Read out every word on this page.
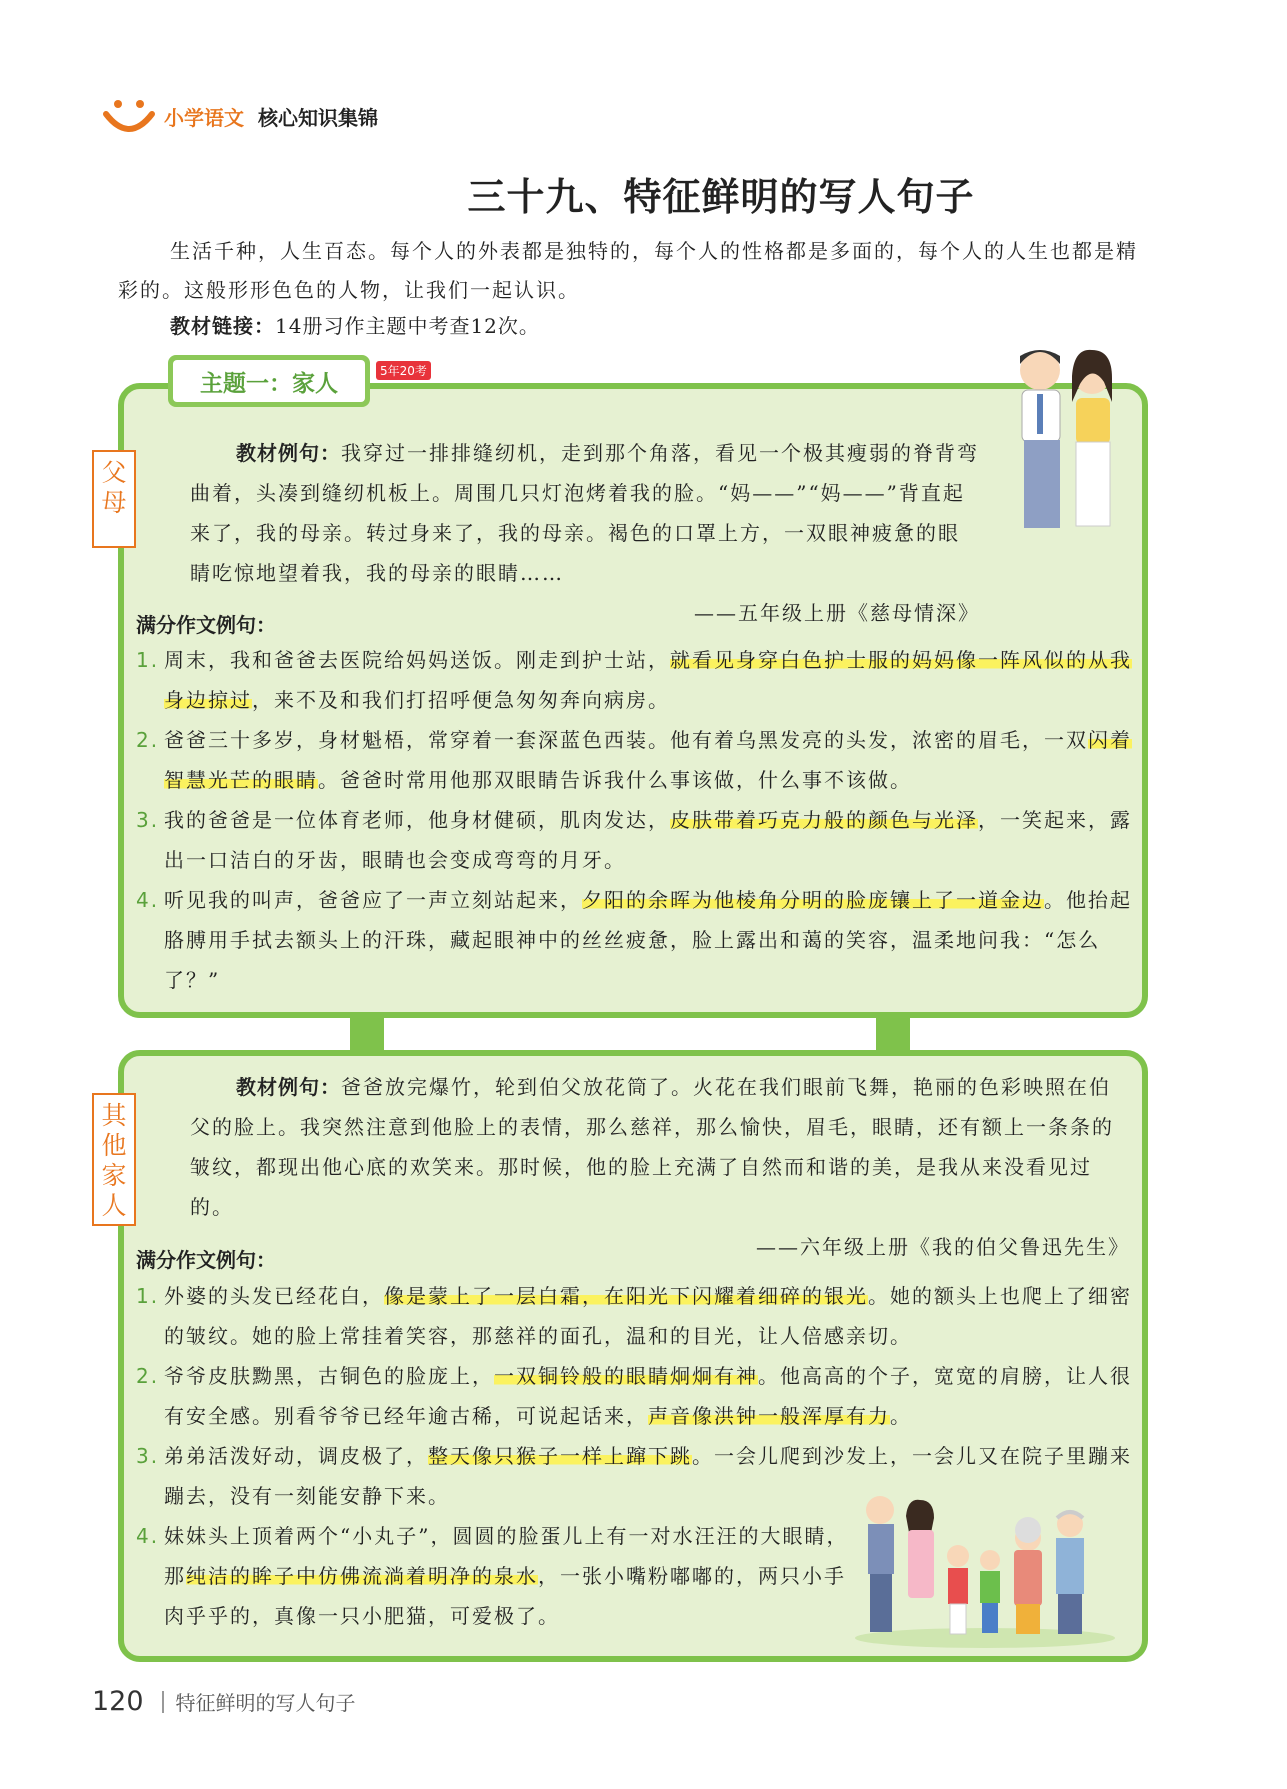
小学语文 核心知识集锦
三十九、特征鲜明的写人句子

生活千种，人生百态。每个人的外表都是独特的，每个人的性格都是多面的，每个人的人生也都是精彩的。这般形形色色的人物，让我们一起认识。

教材链接：14册习作主题中考查12次。
主题一：家人	5年20考
父母

教材例句：我穿过一排排缝纫机，走到那个角落，看见一个极其瘦弱的脊背弯曲着，头凑到缝纫机板上。周围几只灯泡烤着我的脸。“妈——”“妈——”背直起来了，我的母亲。转过身来了，我的母亲。褐色的口罩上方，一双眼神疲惫的眼睛吃惊地望着我，我的母亲的眼睛……

——五年级上册《慈母情深》
满分作文例句：
1. 周末，我和爸爸去医院给妈妈送饭。刚走到护士站，就看见身穿白色护士服的妈妈像一阵风似的从我身边掠过，来不及和我们打招呼便急匆匆奔向病房。
2. 爸爸三十多岁，身材魁梧，常穿着一套深蓝色西装。他有着乌黑发亮的头发，浓密的眉毛，一双闪着智慧光芒的眼睛。爸爸时常用他那双眼睛告诉我什么事该做，什么事不该做。
3. 我的爸爸是一位体育老师，他身材健硕，肌肉发达，皮肤带着巧克力般的颜色与光泽，一笑起来，露出一口洁白的牙齿，眼睛也会变成弯弯的月牙。
4. 听见我的叫声，爸爸应了一声立刻站起来，夕阳的余晖为他棱角分明的脸庞镶上了一道金边。他抬起胳膊用手拭去额头上的汗珠，藏起眼神中的丝丝疲惫，脸上露出和蔼的笑容，温柔地问我：“怎么了？”
其他家人

教材例句：爸爸放完爆竹，轮到伯父放花筒了。火花在我们眼前飞舞，艳丽的色彩映照在伯父的脸上。我突然注意到他脸上的表情，那么慈祥，那么愉快，眉毛，眼睛，还有额上一条条的皱纹，都现出他心底的欢笑来。那时候，他的脸上充满了自然而和谐的美，是我从来没看见过的。

——六年级上册《我的伯父鲁迅先生》
满分作文例句：
1. 外婆的头发已经花白，像是蒙上了一层白霜，在阳光下闪耀着细碎的银光。她的额头上也爬上了细密的皱纹。她的脸上常挂着笑容，那慈祥的面孔，温和的目光，让人倍感亲切。
2. 爷爷皮肤黝黑，古铜色的脸庞上，一双铜铃般的眼睛炯炯有神。他高高的个子，宽宽的肩膀，让人很有安全感。别看爷爷已经年逾古稀，可说起话来，声音像洪钟一般浑厚有力。
3. 弟弟活泼好动，调皮极了，整天像只猴子一样上蹿下跳。一会儿爬到沙发上，一会儿又在院子里蹦来蹦去，没有一刻能安静下来。
4. 妹妹头上顶着两个“小丸子”，圆圆的脸蛋儿上有一对水汪汪的大眼睛，那纯洁的眸子中仿佛流淌着明净的泉水，一张小嘴粉嘟嘟的，两只小手肉乎乎的，真像一只小肥猫，可爱极了。
120 特征鲜明的写人句子
